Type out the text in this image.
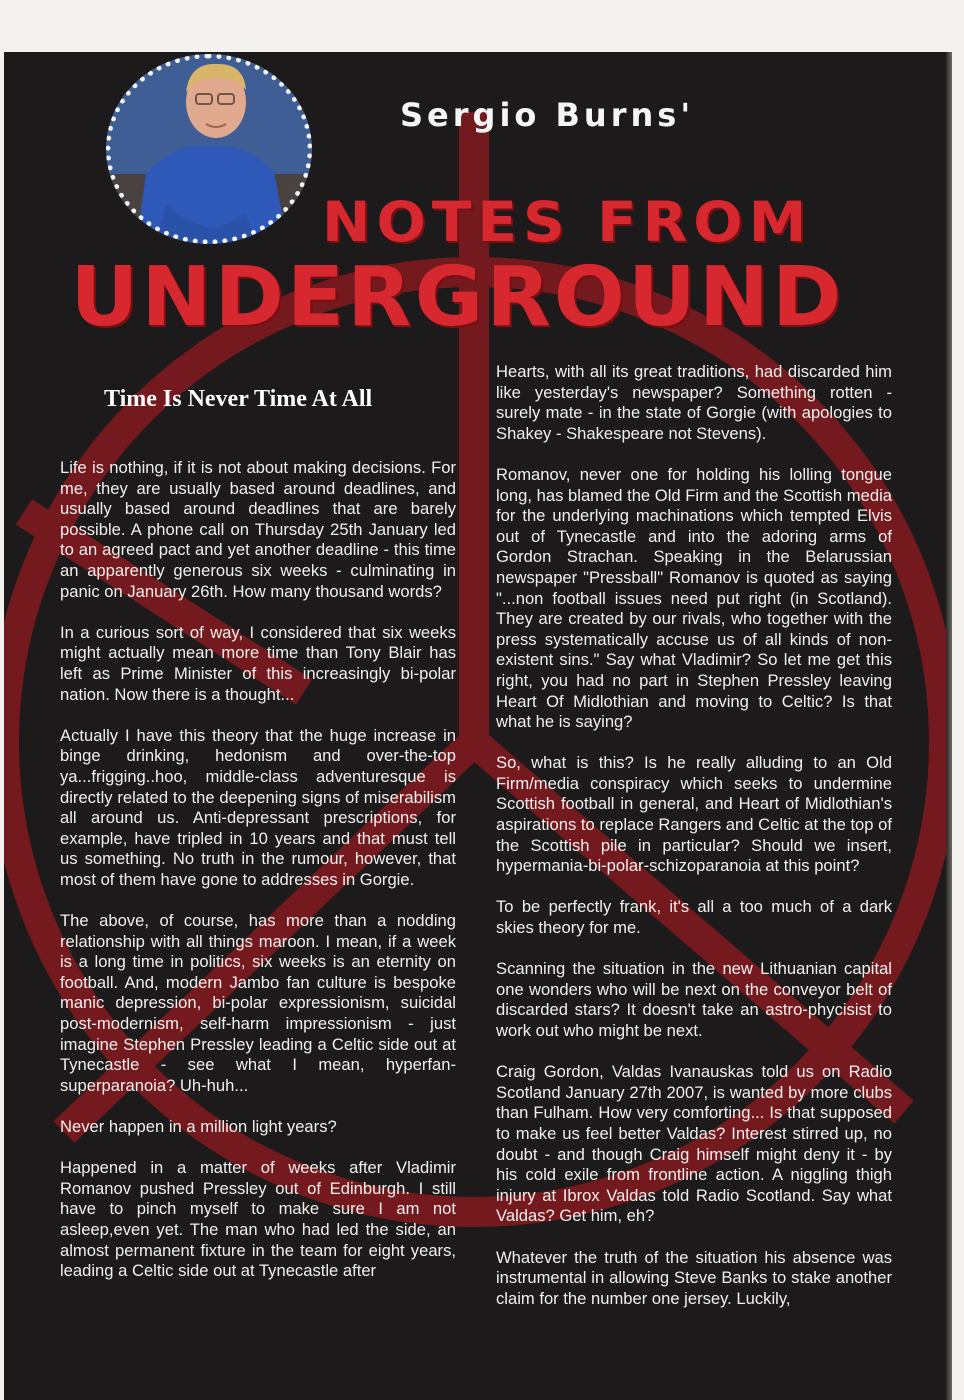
Sergio Burns'
NOTES FROM
UNDERGROUND
Time Is Never Time At All

Life is nothing, if it is not about making decisions. For me, they are usually based around deadlines, and usually based around deadlines that are barely possible. A phone call on Thursday 25th January led to an agreed pact and yet another deadline - this time an apparently generous six weeks - culminating in panic on January 26th. How many thousand words?

In a curious sort of way, I considered that six weeks might actually mean more time than Tony Blair has left as Prime Minister of this increasingly bi-polar nation. Now there is a thought...

Actually I have this theory that the huge increase in binge drinking, hedonism and over-the-top ya...frigging..hoo, middle-class adventuresque is directly related to the deepening signs of miserabilism all around us. Anti-depressant prescriptions, for example, have tripled in 10 years and that must tell us something. No truth in the rumour, however, that most of them have gone to addresses in Gorgie.

The above, of course, has more than a nodding relationship with all things maroon. I mean, if a week is a long time in politics, six weeks is an eternity on football. And, modern Jambo fan culture is bespoke manic depression, bi-polar expressionism, suicidal post-modernism, self-harm impressionism - just imagine Stephen Pressley leading a Celtic side out at Tynecastle - see what I mean, hyperfan-superparanoia? Uh-huh...

Never happen in a million light years?

Happened in a matter of weeks after Vladimir Romanov pushed Pressley out of Edinburgh. I still have to pinch myself to make sure I am not asleep,even yet. The man who had led the side, an almost permanent fixture in the team for eight years, leading a Celtic side out at Tynecastle after

Hearts, with all its great traditions, had discarded him like yesterday's newspaper? Something rotten - surely mate - in the state of Gorgie (with apologies to Shakey - Shakespeare not Stevens).

Romanov, never one for holding his lolling tongue long, has blamed the Old Firm and the Scottish media for the underlying machinations which tempted Elvis out of Tynecastle and into the adoring arms of Gordon Strachan. Speaking in the Belarussian newspaper "Pressball" Romanov is quoted as saying "...non football issues need put right (in Scotland). They are created by our rivals, who together with the press systematically accuse us of all kinds of non-existent sins." Say what Vladimir? So let me get this right, you had no part in Stephen Pressley leaving Heart Of Midlothian and moving to Celtic? Is that what he is saying?

So, what is this? Is he really alluding to an Old Firm/media conspiracy which seeks to undermine Scottish football in general, and Heart of Midlothian's aspirations to replace Rangers and Celtic at the top of the Scottish pile in particular? Should we insert, hypermania-bi-polar-schizoparanoia at this point?

To be perfectly frank, it's all a too much of a dark skies theory for me.

Scanning the situation in the new Lithuanian capital one wonders who will be next on the conveyor belt of discarded stars? It doesn't take an astro-phycisist to work out who might be next.

Craig Gordon, Valdas Ivanauskas told us on Radio Scotland January 27th 2007, is wanted by more clubs than Fulham. How very comforting... Is that supposed to make us feel better Valdas? Interest stirred up, no doubt - and though Craig himself might deny it - by his cold exile from frontline action. A niggling thigh injury at Ibrox Valdas told Radio Scotland. Say what Valdas? Get him, eh?

Whatever the truth of the situation his absence was instrumental in allowing Steve Banks to stake another claim for the number one jersey. Luckily,
